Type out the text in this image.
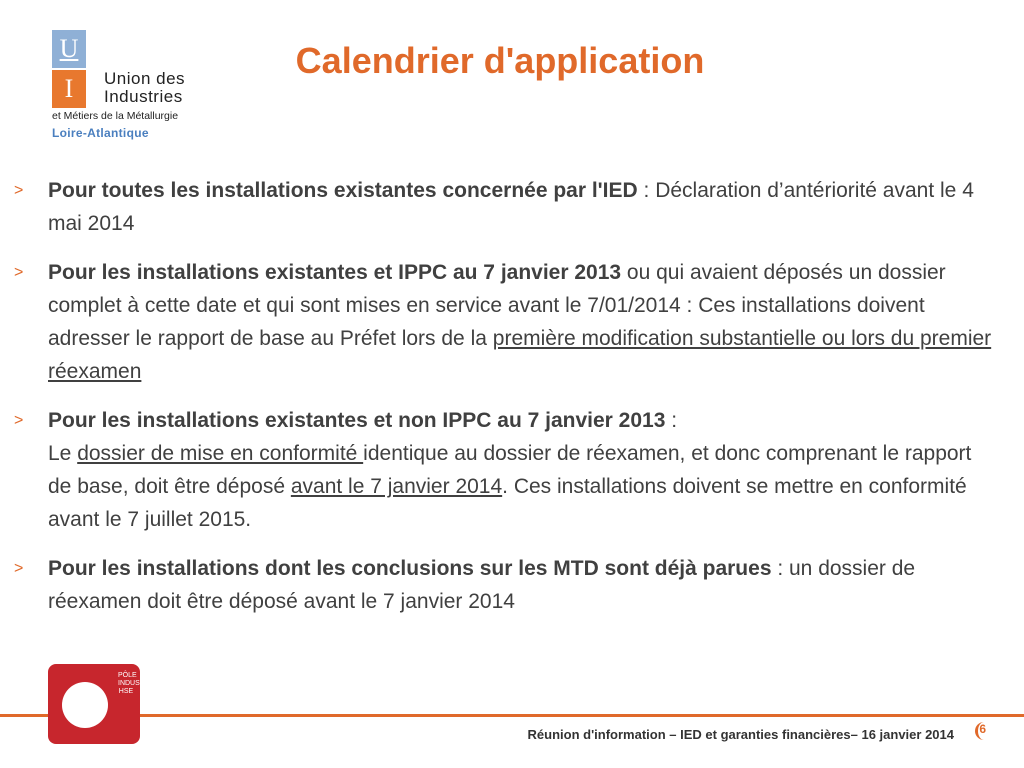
U
I	Union des
Industries
et Métiers de la Métallurgie
Loire-Atlantique
Calendrier d'application
> Pour toutes les installations existantes concernée par l'IED : Déclaration d’antériorité avant le 4 mai 2014
> Pour les installations existantes et IPPC au 7 janvier 2013 ou qui avaient déposés un dossier complet à cette date et qui sont mises en service avant le 7/01/2014 : Ces installations doivent adresser le rapport de base au Préfet lors de la première modification substantielle ou lors du premier réexamen
> Pour les installations existantes et non IPPC au 7 janvier 2013 :
Le dossier de mise en conformité identique au dossier de réexamen, et donc comprenant le rapport de base, doit être déposé avant le 7 janvier 2014. Ces installations doivent se mettre en conformité avant le 7 juillet 2015.
> Pour les installations dont les conclusions sur les MTD sont déjà parues : un dossier de réexamen doit être déposé avant le 7 janvier 2014
PÔLE INDUSTRIEL HSE
Réunion d'information – IED et garanties financières– 16 janvier 2014 6
